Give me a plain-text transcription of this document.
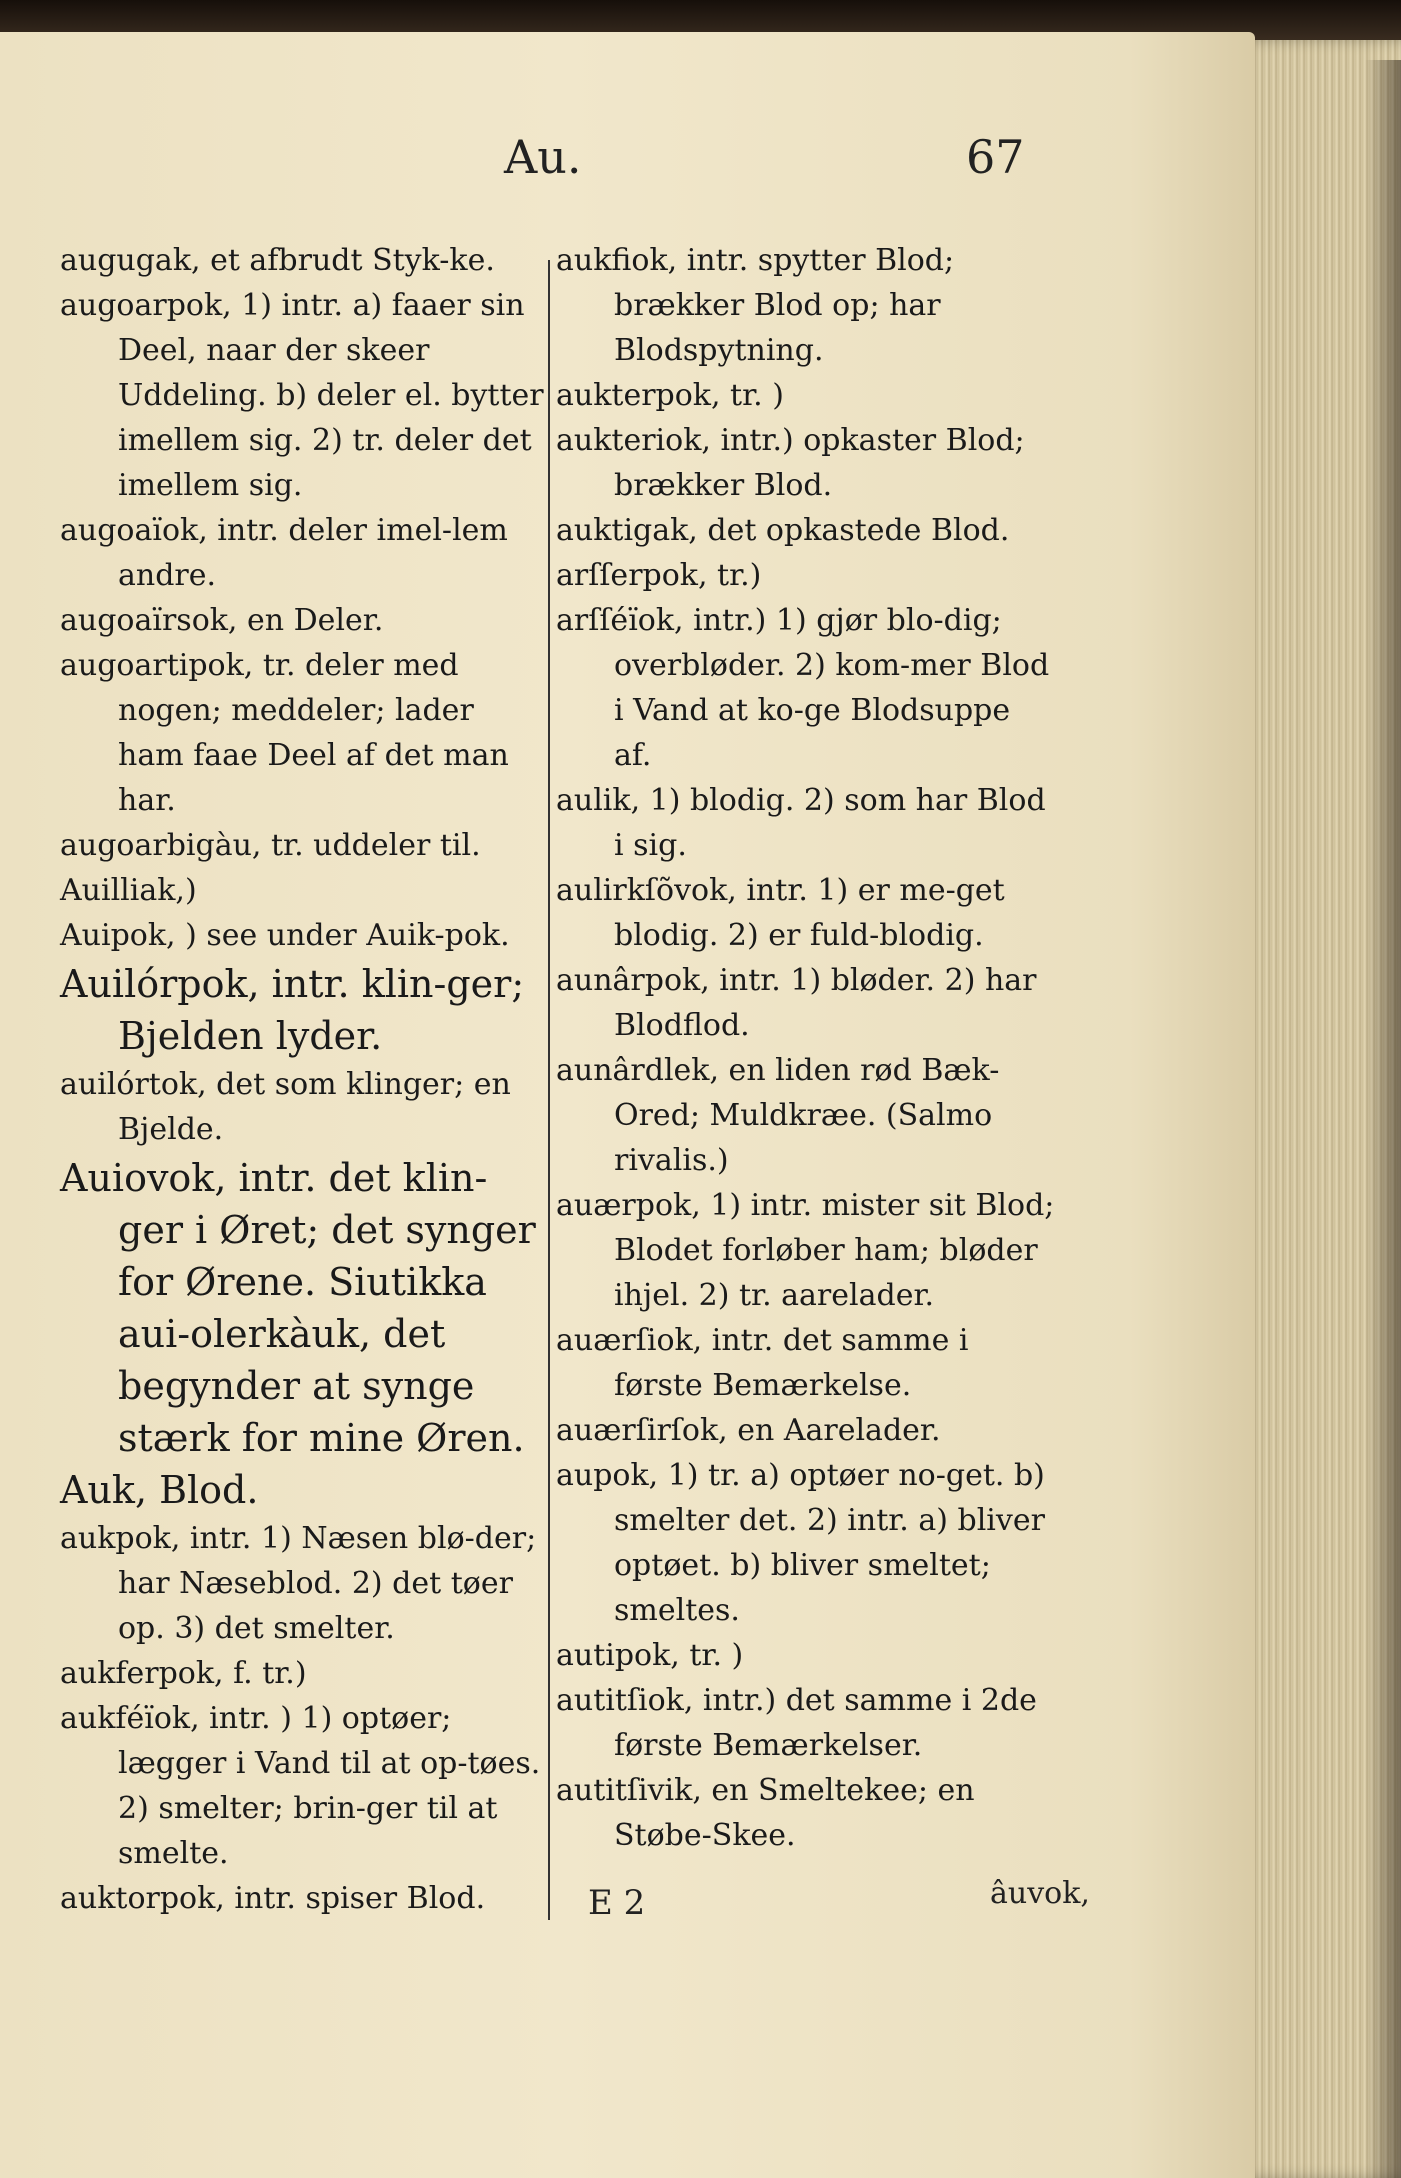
Au.	67

augugak, et afbrudt Styk-ke.

augoarpok, 1) intr. a) faaer sin Deel, naar der skeer Uddeling. b) deler el. bytter imellem sig. 2) tr. deler det imellem sig.

augoaïok, intr. deler imel-lem andre.

augoaïrsok, en Deler.

augoartipok, tr. deler med nogen; meddeler; lader ham faae Deel af det man har.

augoarbigàu, tr. uddeler til.

Auilliak,)

Auipok, ) see under Auik-pok.

Auilórpok, intr. klin-ger; Bjelden lyder.

auilórtok, det som klinger; en Bjelde.

Auiovok, intr. det klin-ger i Øret; det synger for Ørene. Siutikka aui-olerkàuk, det begynder at synge stærk for mine Øren.

Auk, Blod.

aukpok, intr. 1) Næsen blø-der; har Næseblod. 2) det tøer op. 3) det smelter.

aukferpok, f. tr.)

aukféïok, intr. ) 1) optøer; lægger i Vand til at op-tøes. 2) smelter; brin-ger til at smelte.

auktorpok, intr. spiser Blod.

aukfiok, intr. spytter Blod; brækker Blod op; har Blodspytning.

aukterpok, tr. )

aukteriok, intr.) opkaster Blod; brækker Blod.

auktigak, det opkastede Blod.

arſſerpok, tr.)

arſſéïok, intr.) 1) gjør blo-dig; overbløder. 2) kom-mer Blod i Vand at ko-ge Blodsuppe af.

aulik, 1) blodig. 2) som har Blod i sig.

aulirkſõvok, intr. 1) er me-get blodig. 2) er fuld-blodig.

aunârpok, intr. 1) bløder. 2) har Blodflod.

aunârdlek, en liden rød Bæk-Ored; Muldkræe. (Salmo rivalis.)

auærpok, 1) intr. mister sit Blod; Blodet forløber ham; bløder ihjel. 2) tr. aarelader.

auærſiok, intr. det samme i første Bemærkelse.

auærſirſok, en Aarelader.

aupok, 1) tr. a) optøer no-get. b) smelter det. 2) intr. a) bliver optøet. b) bliver smeltet; smeltes.

autipok, tr. )

autitſiok, intr.) det samme i 2de første Bemærkelser.

autitſivik, en Smeltekee; en Støbe-Skee.

E 2	âuvok,
